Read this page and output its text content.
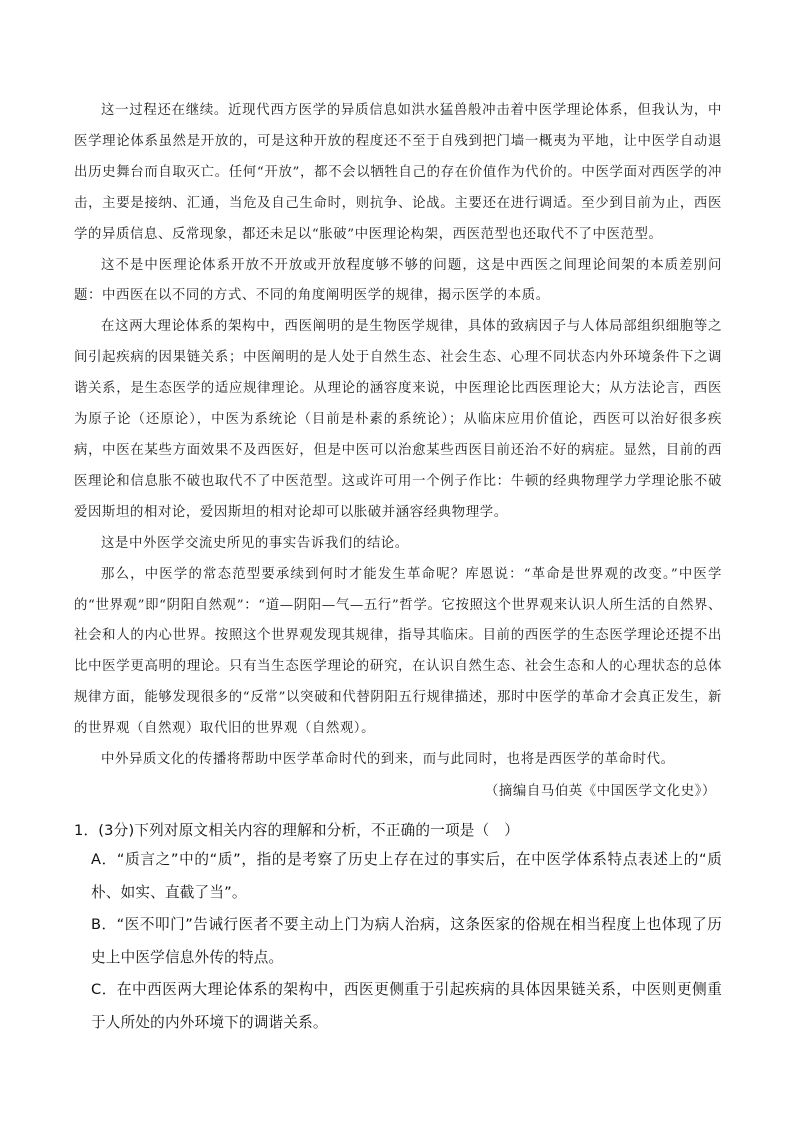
这一过程还在继续。近现代西方医学的异质信息如洪水猛兽般冲击着中医学理论体系，但我认为，中医学理论体系虽然是开放的，可是这种开放的程度还不至于自残到把门墙一概夷为平地，让中医学自动退出历史舞台而自取灭亡。任何“开放”，都不会以牺牲自己的存在价值作为代价的。中医学面对西医学的冲击，主要是接纳、汇通，当危及自己生命时，则抗争、论战。主要还在进行调适。至少到目前为止，西医学的异质信息、反常现象，都还未足以“胀破”中医理论构架，西医范型也还取代不了中医范型。

这不是中医理论体系开放不开放或开放程度够不够的问题，这是中西医之间理论间架的本质差别问题：中西医在以不同的方式、不同的角度阐明医学的规律，揭示医学的本质。

在这两大理论体系的架构中，西医阐明的是生物医学规律，具体的致病因子与人体局部组织细胞等之间引起疾病的因果链关系；中医阐明的是人处于自然生态、社会生态、心理不同状态内外环境条件下之调谐关系，是生态医学的适应规律理论。从理论的涵容度来说，中医理论比西医理论大；从方法论言，西医为原子论（还原论），中医为系统论（目前是朴素的系统论）；从临床应用价值论，西医可以治好很多疾病，中医在某些方面效果不及西医好，但是中医可以治愈某些西医目前还治不好的病症。显然，目前的西医理论和信息胀不破也取代不了中医范型。这或许可用一个例子作比：牛顿的经典物理学力学理论胀不破爱因斯坦的相对论，爱因斯坦的相对论却可以胀破并涵容经典物理学。

这是中外医学交流史所见的事实告诉我们的结论。

那么，中医学的常态范型要承续到何时才能发生革命呢？库恩说：“革命是世界观的改变。”中医学的“世界观”即“阴阳自然观”：“道—阴阳—气—五行”哲学。它按照这个世界观来认识人所生活的自然界、社会和人的内心世界。按照这个世界观发现其规律，指导其临床。目前的西医学的生态医学理论还提不出比中医学更高明的理论。只有当生态医学理论的研究，在认识自然生态、社会生态和人的心理状态的总体规律方面，能够发现很多的“反常”以突破和代替阴阳五行规律描述，那时中医学的革命才会真正发生，新的世界观（自然观）取代旧的世界观（自然观）。

中外异质文化的传播将帮助中医学革命时代的到来，而与此同时，也将是西医学的革命时代。

（摘编自马伯英《中国医学文化史》）

1．(3分)下列对原文相关内容的理解和分析，不正确的一项是（　）

A．“质言之”中的“质”，指的是考察了历史上存在过的事实后，在中医学体系特点表述上的“质朴、如实、直截了当”。

B．“医不叩门”告诫行医者不要主动上门为病人治病，这条医家的俗规在相当程度上也体现了历史上中医学信息外传的特点。

C．在中西医两大理论体系的架构中，西医更侧重于引起疾病的具体因果链关系，中医则更侧重于人所处的内外环境下的调谐关系。
